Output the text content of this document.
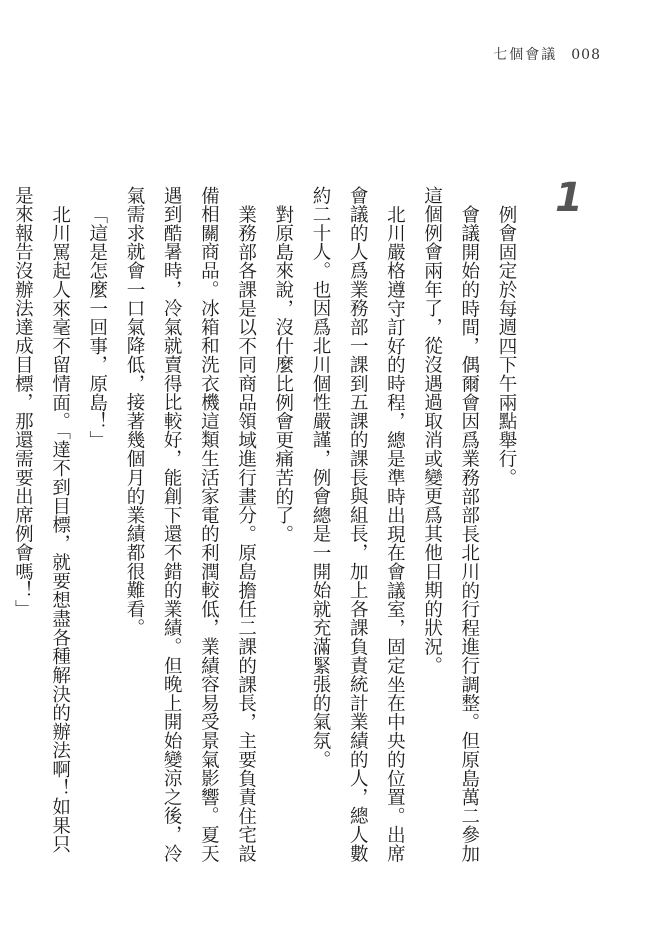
七個會議 008
1

例會固定於每週四下午兩點舉行。

會議開始的時間，偶爾會因爲業務部部長北川的行程進行調整。但原島萬二參加這個例會兩年了，從沒遇過取消或變更爲其他日期的狀況。

北川嚴格遵守訂好的時程，總是準時出現在會議室，固定坐在中央的位置。出席會議的人爲業務部一課到五課的課長與組長，加上各課負責統計業績的人，總人數約二十人。也因爲北川個性嚴謹，例會總是一開始就充滿緊張的氣氛。

對原島來說，沒什麼比例會更痛苦的了。

業務部各課是以不同商品領域進行畫分。原島擔任二課的課長，主要負責住宅設備相關商品。冰箱和洗衣機這類生活家電的利潤較低，業績容易受景氣影響。夏天遇到酷暑時，冷氣就賣得比較好，能創下還不錯的業績。但晚上開始變涼之後，冷氣需求就會一口氣降低，接著幾個月的業績都很難看。

「這是怎麼一回事，原島！」

北川罵起人來毫不留情面。「達不到目標，就要想盡各種解決的辦法啊！如果只是來報告沒辦法達成目標，那還需要出席例會嗎！」
